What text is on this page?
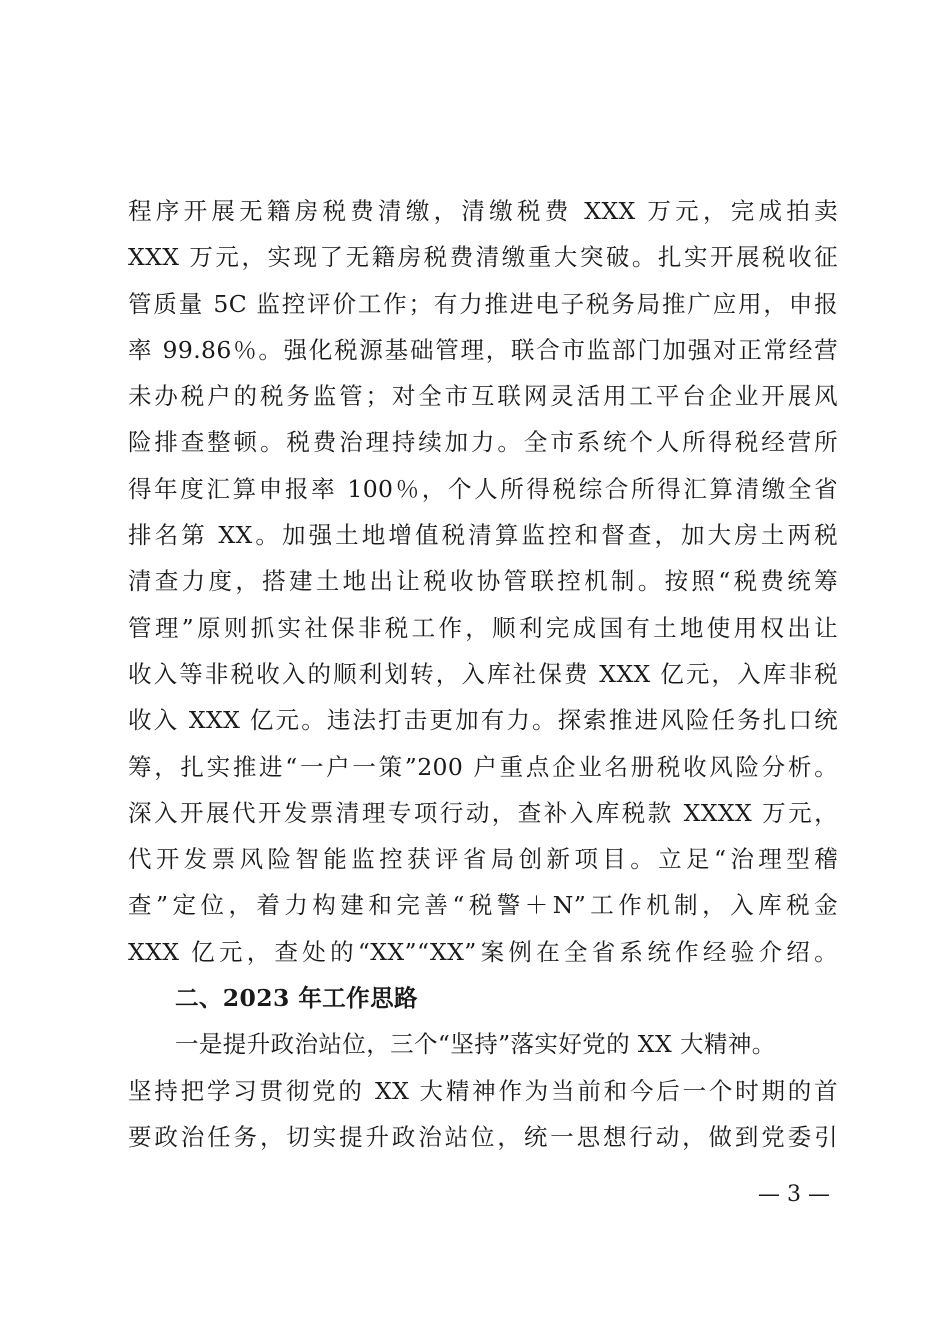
程序开展无籍房税费清缴，清缴税费 XXX 万元，完成拍卖
XXX 万元，实现了无籍房税费清缴重大突破。扎实开展税收征
管质量 5C 监控评价工作；有力推进电子税务局推广应用，申报
率 99.86％。强化税源基础管理，联合市监部门加强对正常经营
未办税户的税务监管；对全市互联网灵活用工平台企业开展风
险排查整顿。税费治理持续加力。全市系统个人所得税经营所
得年度汇算申报率 100％，个人所得税综合所得汇算清缴全省
排名第 XX。加强土地增值税清算监控和督查，加大房土两税
清查力度，搭建土地出让税收协管联控机制。按照“税费统筹
管理”原则抓实社保非税工作，顺利完成国有土地使用权出让
收入等非税收入的顺利划转，入库社保费 XXX 亿元，入库非税
收入 XXX 亿元。违法打击更加有力。探索推进风险任务扎口统
筹，扎实推进“一户一策”200 户重点企业名册税收风险分析。
深入开展代开发票清理专项行动，查补入库税款 XXXX 万元，
代开发票风险智能监控获评省局创新项目。立足“治理型稽
查”定位，着力构建和完善“税警＋N”工作机制，入库税金
XXX 亿元，查处的“XX”“XX”案例在全省系统作经验介绍。
二、2023 年工作思路
一是提升政治站位，三个“坚持”落实好党的 XX 大精神。
坚持把学习贯彻党的 XX 大精神作为当前和今后一个时期的首
要政治任务，切实提升政治站位，统一思想行动，做到党委引
— 3 —
